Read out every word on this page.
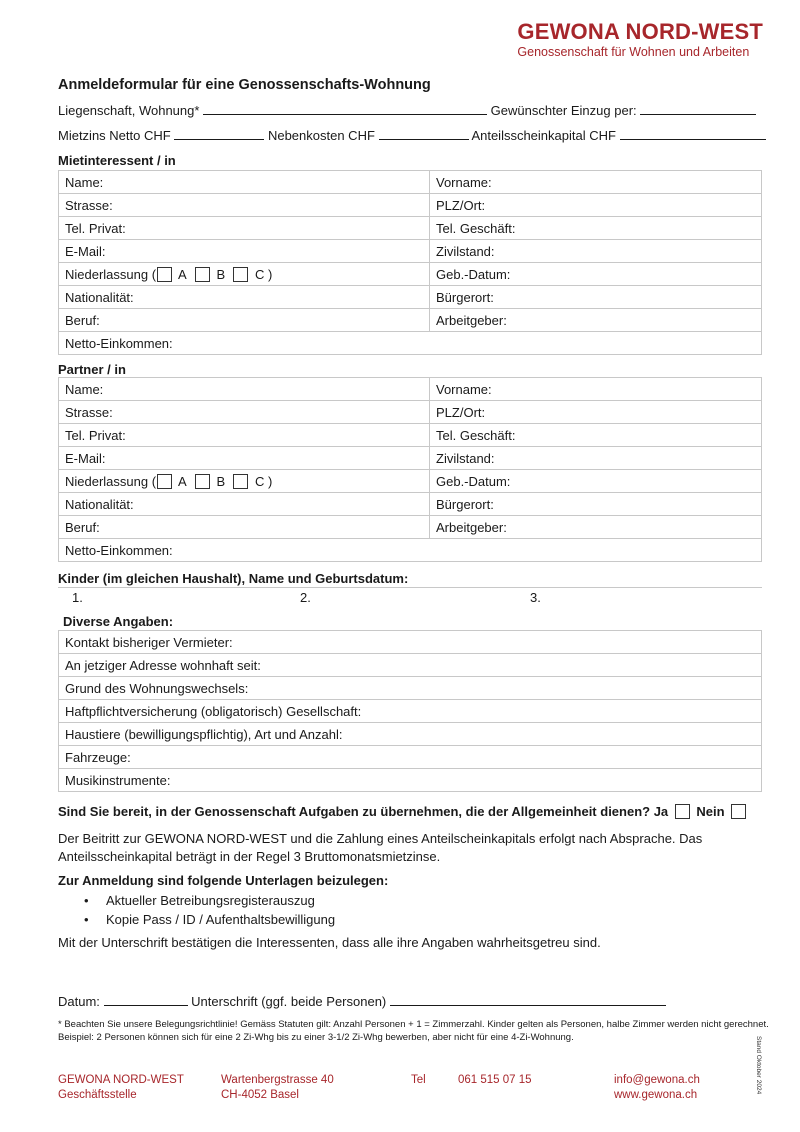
GEWONA NORD-WEST
Genossenschaft für Wohnen und Arbeiten
Anmeldeformular für eine Genossenschafts-Wohnung
Liegenschaft, Wohnung*	Gewünschter Einzug per:
Mietzins Netto CHF	Nebenkosten CHF	Anteilsscheinkapital CHF
Mietinteressent / in
Name:	Vorname:
Strasse:	PLZ/Ort:
Tel. Privat:	Tel. Geschäft:
E-Mail:	Zivilstand:
Niederlassung ( A B C )	Geb.-Datum:
Nationalität:	Bürgerort:
Beruf:	Arbeitgeber:
Netto-Einkommen:	
Partner / in
Name:	Vorname:
Strasse:	PLZ/Ort:
Tel. Privat:	Tel. Geschäft:
E-Mail:	Zivilstand:
Niederlassung ( A B C )	Geb.-Datum:
Nationalität:	Bürgerort:
Beruf:	Arbeitgeber:
Netto-Einkommen:	
Kinder (im gleichen Haushalt), Name und Geburtsdatum:
1.	2.	3.
Diverse Angaben:
Kontakt bisheriger Vermieter:
An jetziger Adresse wohnhaft seit:
Grund des Wohnungswechsels:
Haftpflichtversicherung (obligatorisch) Gesellschaft:
Haustiere (bewilligungspflichtig), Art und Anzahl:
Fahrzeuge:
Musikinstrumente:
Sind Sie bereit, in der Genossenschaft Aufgaben zu übernehmen, die der Allgemeinheit dienen? Ja Nein
Der Beitritt zur GEWONA NORD-WEST und die Zahlung eines Anteilscheinkapitals erfolgt nach Absprache. Das Anteilsscheinkapital beträgt in der Regel 3 Bruttomonatsmietzinse.
Zur Anmeldung sind folgende Unterlagen beizulegen:
• Aktueller Betreibungsregisterauszug
• Kopie Pass / ID / Aufenthaltsbewilligung
Mit der Unterschrift bestätigen die Interessenten, dass alle ihre Angaben wahrheitsgetreu sind.
Datum:	Unterschrift (ggf. beide Personen)
* Beachten Sie unsere Belegungsrichtlinie! Gemäss Statuten gilt: Anzahl Personen + 1 = Zimmerzahl. Kinder gelten als Personen, halbe Zimmer werden nicht gerechnet. Beispiel: 2 Personen können sich für eine 2 Zi-Whg bis zu einer 3-1/2 Zi-Whg bewerben, aber nicht für eine 4-Zi-Wohnung.
GEWONA NORD-WEST
Geschäftsstelle
Wartenbergstrasse 40
CH-4052 Basel
Tel	061 515 07 15	info@gewona.ch
www.gewona.ch
Stand Oktober 2024
